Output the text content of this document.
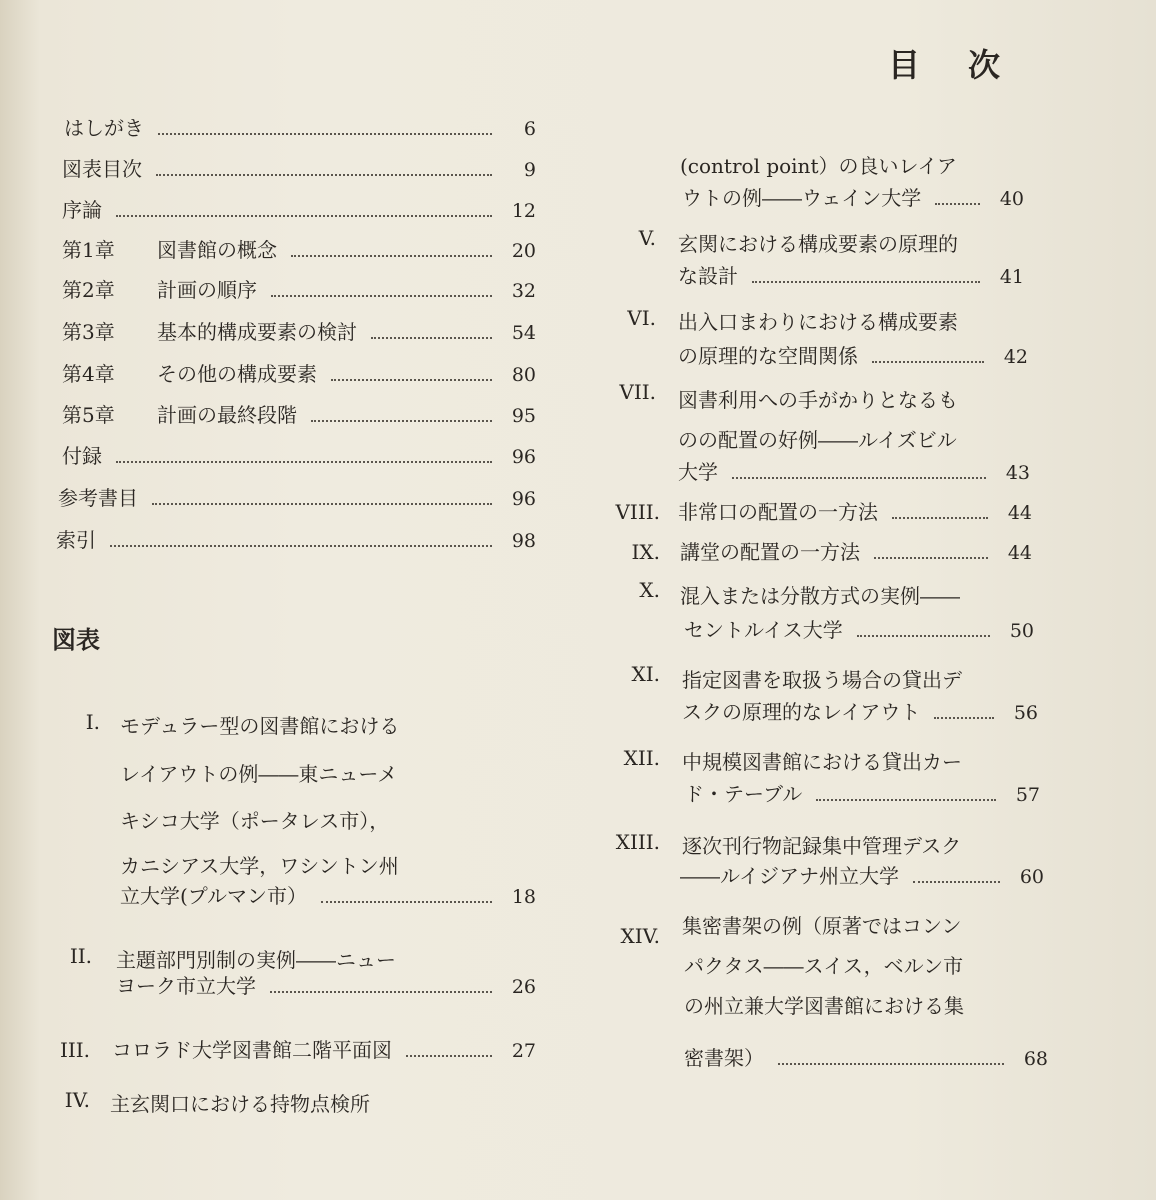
目次
はしがき	6
図表目次	9
序論	12
第1章	図書館の概念	20
第2章	計画の順序	32
第3章	基本的構成要素の検討	54
第4章	その他の構成要素	80
第5章	計画の最終段階	95
付録	96
参考書目	96
索引	98
図表
I. モデュラー型の図書館における
レイアウトの例――東ニューメ
キシコ大学（ポータレス市），
カニシアス大学，ワシントン州
立大学(プルマン市）	18
II. 主題部門別制の実例――ニュー
ヨーク市立大学	26
III. コロラド大学図書館二階平面図	27
IV. 主玄関口における持物点検所
(control point）の良いレイア
ウトの例――ウェイン大学	40
V. 玄関における構成要素の原理的
な設計	41
VI. 出入口まわりにおける構成要素
の原理的な空間関係	42
VII. 図書利用への手がかりとなるも
のの配置の好例――ルイズビル
大学	43
VIII. 非常口の配置の一方法	44
IX. 講堂の配置の一方法	44
X. 混入または分散方式の実例――
セントルイス大学	50
XI. 指定図書を取扱う場合の貸出デ
スクの原理的なレイアウト	56
XII. 中規模図書館における貸出カー
ド・テーブル	57
XIII. 逐次刊行物記録集中管理デスク
――ルイジアナ州立大学	60
XIV. 集密書架の例（原著ではコンン
パクタス――スイス，ベルン市
の州立兼大学図書館における集
密書架）	68
